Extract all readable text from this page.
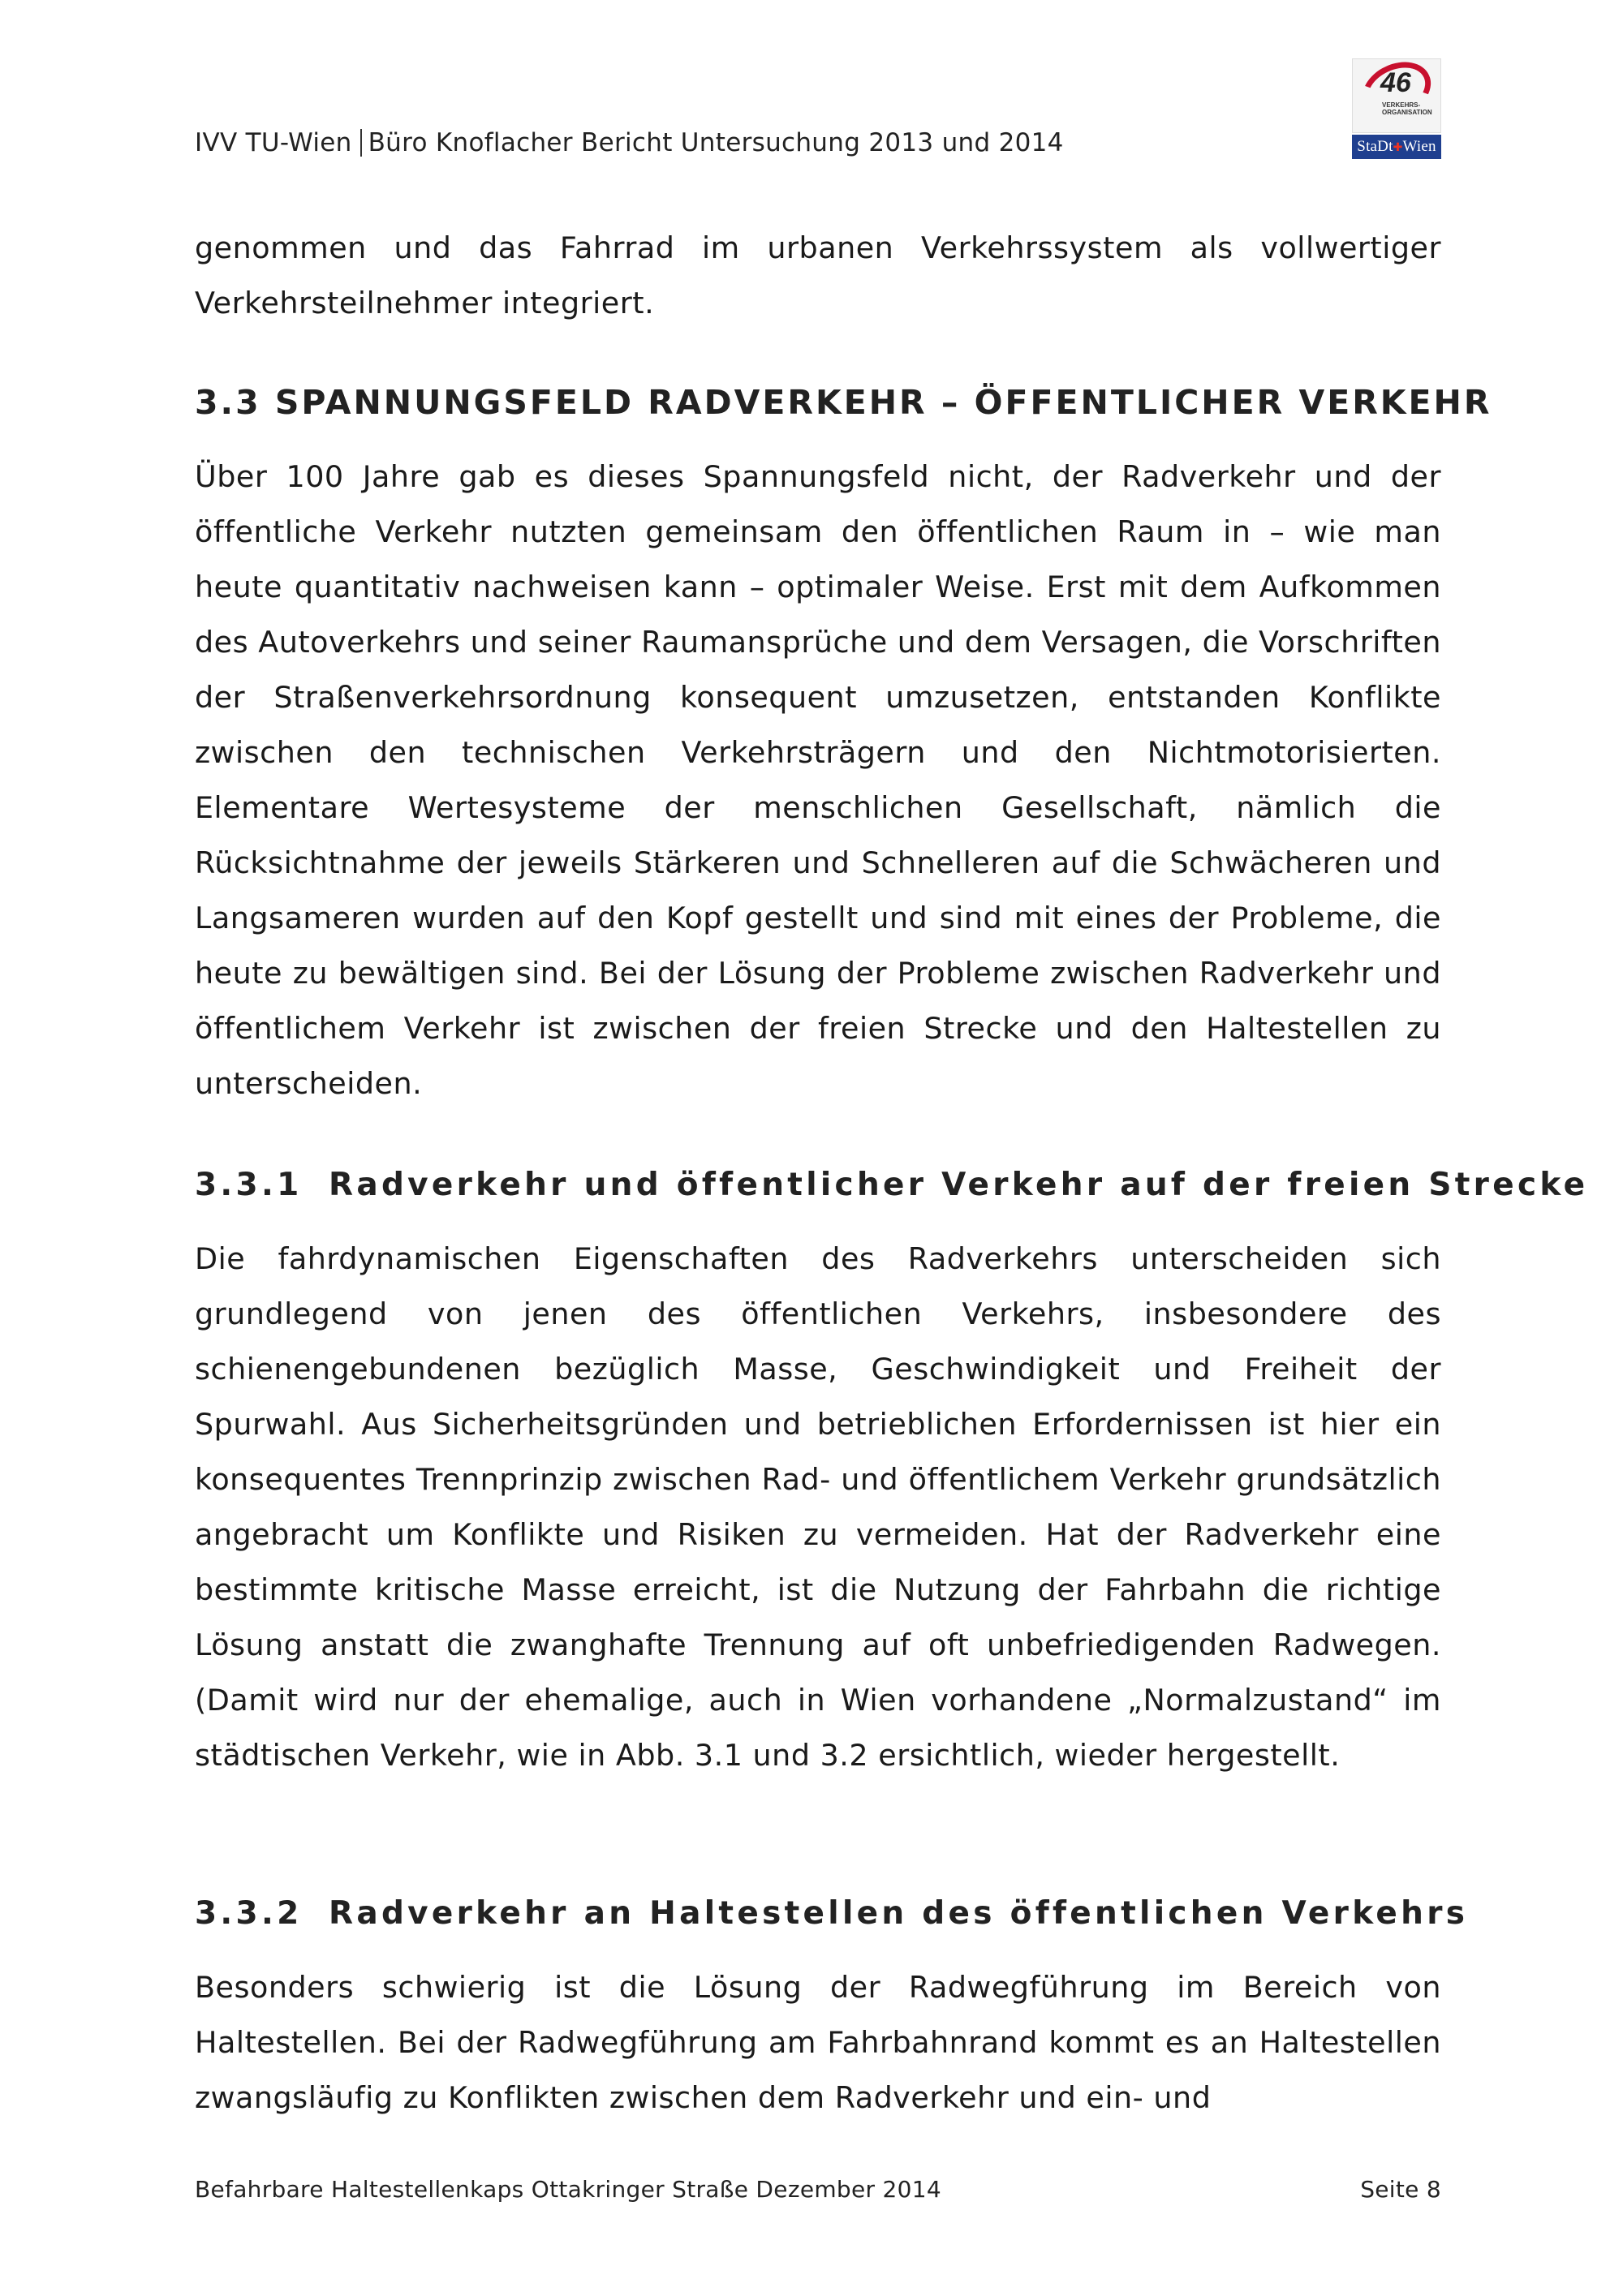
IVV TU-Wien Büro Knoflacher Bericht Untersuchung 2013 und 2014
46
VERKEHRS-
ORGANISATION
StaDt✚Wien

genommen und das Fahrrad im urbanen Verkehrssystem als vollwertiger Verkehrsteilnehmer integriert.

3.3 SPANNUNGSFELD RADVERKEHR – ÖFFENTLICHER VERKEHR

Über 100 Jahre gab es dieses Spannungsfeld nicht, der Radverkehr und der öffentliche Verkehr nutzten gemeinsam den öffentlichen Raum in – wie man heute quantitativ nachweisen kann – optimaler Weise. Erst mit dem Aufkommen des Autoverkehrs und seiner Raumansprüche und dem Versagen, die Vorschriften der Straßenverkehrsordnung konsequent umzusetzen, entstanden Konflikte zwischen den technischen Verkehrsträgern und den Nichtmotorisierten. Elementare Wertesysteme der menschlichen Gesellschaft, nämlich die Rücksichtnahme der jeweils Stärkeren und Schnelleren auf die Schwächeren und Langsameren wurden auf den Kopf gestellt und sind mit eines der Probleme, die heute zu bewältigen sind. Bei der Lösung der Probleme zwischen Radverkehr und öffentlichem Verkehr ist zwischen der freien Strecke und den Haltestellen zu unterscheiden.

3.3.1 Radverkehr und öffentlicher Verkehr auf der freien Strecke

Die fahrdynamischen Eigenschaften des Radverkehrs unterscheiden sich grundlegend von jenen des öffentlichen Verkehrs, insbesondere des schienengebundenen bezüglich Masse, Geschwindigkeit und Freiheit der Spurwahl. Aus Sicherheitsgründen und betrieblichen Erfordernissen ist hier ein konsequentes Trennprinzip zwischen Rad- und öffentlichem Verkehr grundsätzlich angebracht um Konflikte und Risiken zu vermeiden. Hat der Radverkehr eine bestimmte kritische Masse erreicht, ist die Nutzung der Fahrbahn die richtige Lösung anstatt die zwanghafte Trennung auf oft unbefriedigenden Radwegen. (Damit wird nur der ehemalige, auch in Wien vorhandene „Normalzustand“ im städtischen Verkehr, wie in Abb. 3.1 und 3.2 ersichtlich, wieder hergestellt.

3.3.2 Radverkehr an Haltestellen des öffentlichen Verkehrs

Besonders schwierig ist die Lösung der Radwegführung im Bereich von Haltestellen. Bei der Radwegführung am Fahrbahnrand kommt es an Haltestellen zwangsläufig zu Konflikten zwischen dem Radverkehr und ein- und

Befahrbare Haltestellenkaps Ottakringer Straße Dezember 2014	Seite 8
